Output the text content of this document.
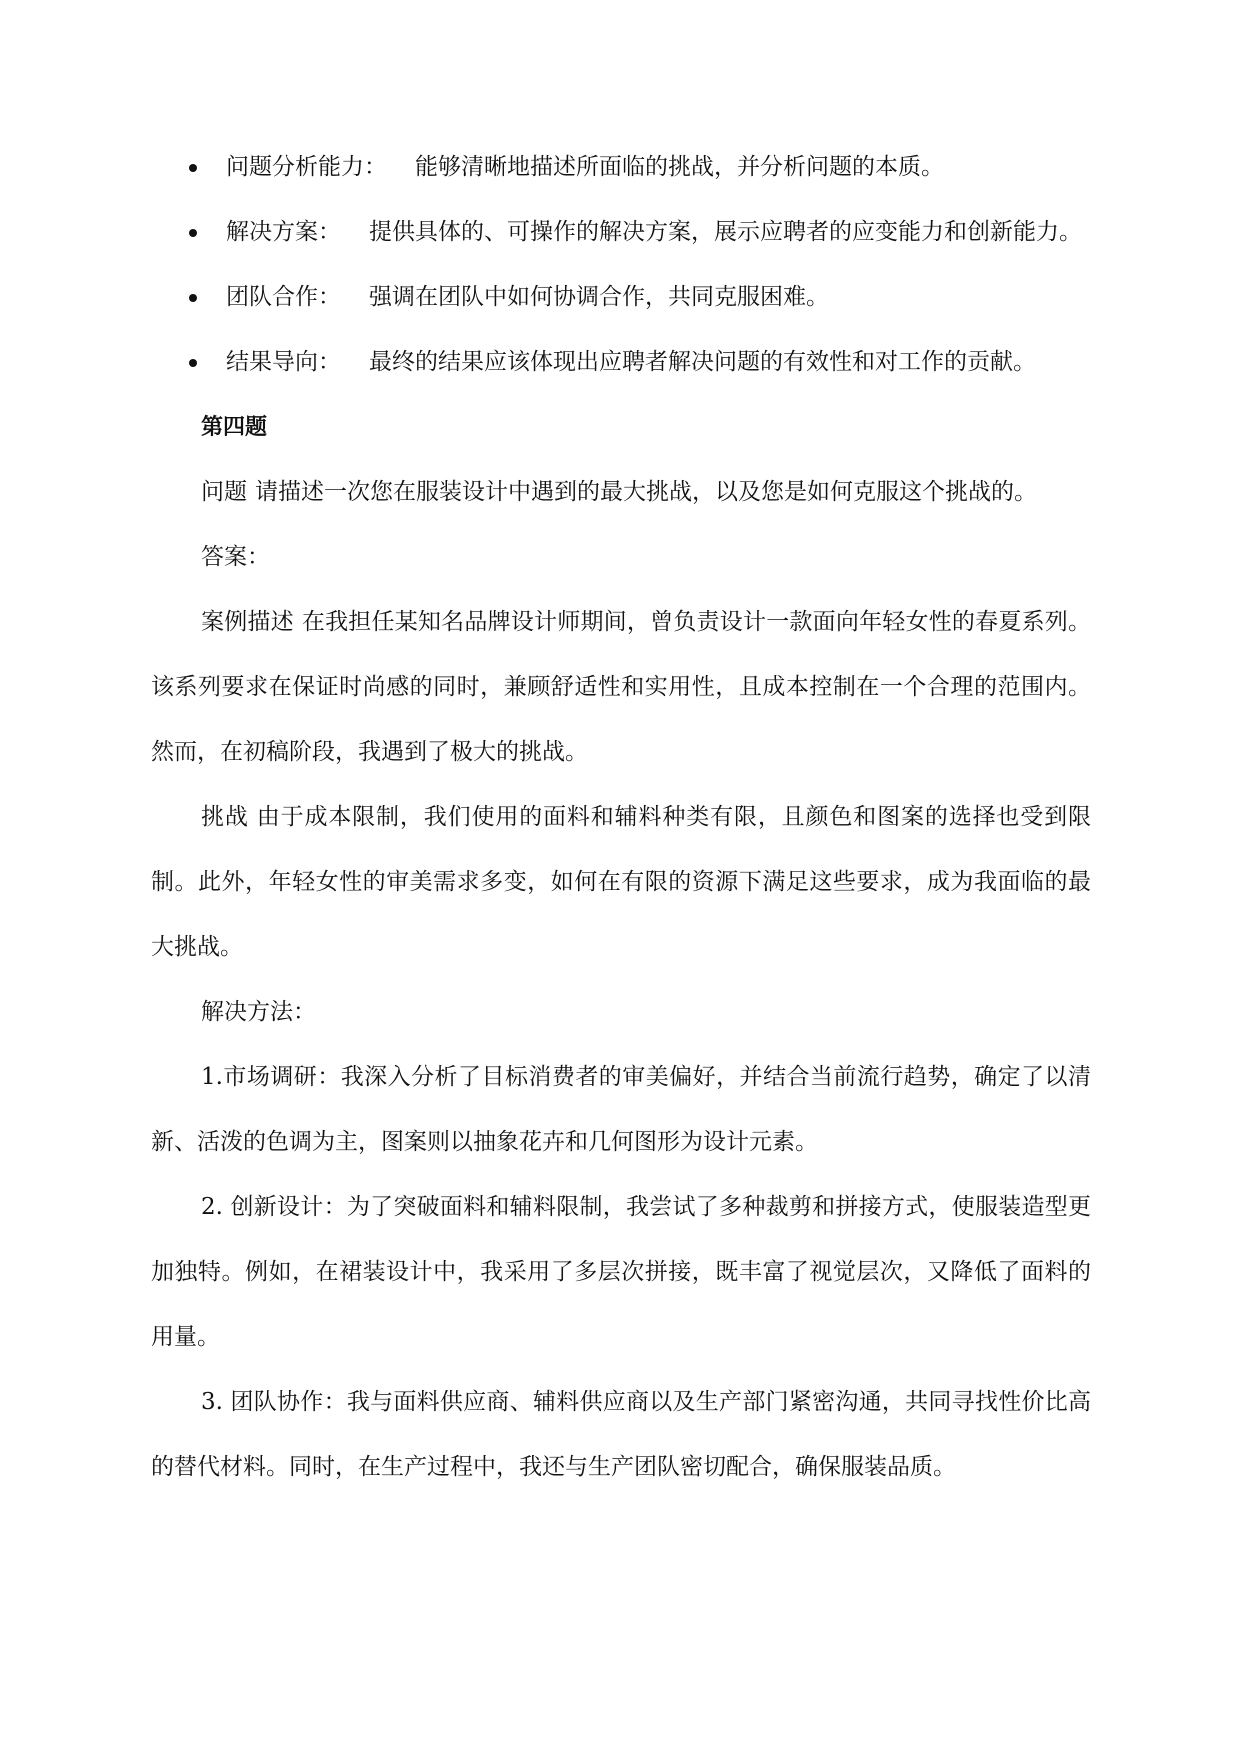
问题分析能力： 能够清晰地描述所面临的挑战，并分析问题的本质。
解决方案： 提供具体的、可操作的解决方案，展示应聘者的应变能力和创新能力。
团队合作： 强调在团队中如何协调合作，共同克服困难。
结果导向： 最终的结果应该体现出应聘者解决问题的有效性和对工作的贡献。
第四题

问题 请描述一次您在服装设计中遇到的最大挑战，以及您是如何克服这个挑战的。

答案：

案例描述 在我担任某知名品牌设计师期间，曾负责设计一款面向年轻女性的春夏系列。该系列要求在保证时尚感的同时，兼顾舒适性和实用性，且成本控制在一个合理的范围内。然而，在初稿阶段，我遇到了极大的挑战。

挑战 由于成本限制，我们使用的面料和辅料种类有限，且颜色和图案的选择也受到限制。此外，年轻女性的审美需求多变，如何在有限的资源下满足这些要求，成为我面临的最大挑战。

解决方法：

1.市场调研：我深入分析了目标消费者的审美偏好，并结合当前流行趋势，确定了以清新、活泼的色调为主，图案则以抽象花卉和几何图形为设计元素。

2. 创新设计：为了突破面料和辅料限制，我尝试了多种裁剪和拼接方式，使服装造型更加独特。例如，在裙装设计中，我采用了多层次拼接，既丰富了视觉层次，又降低了面料的用量。

3. 团队协作：我与面料供应商、辅料供应商以及生产部门紧密沟通，共同寻找性价比高的替代材料。同时，在生产过程中，我还与生产团队密切配合，确保服装品质。
